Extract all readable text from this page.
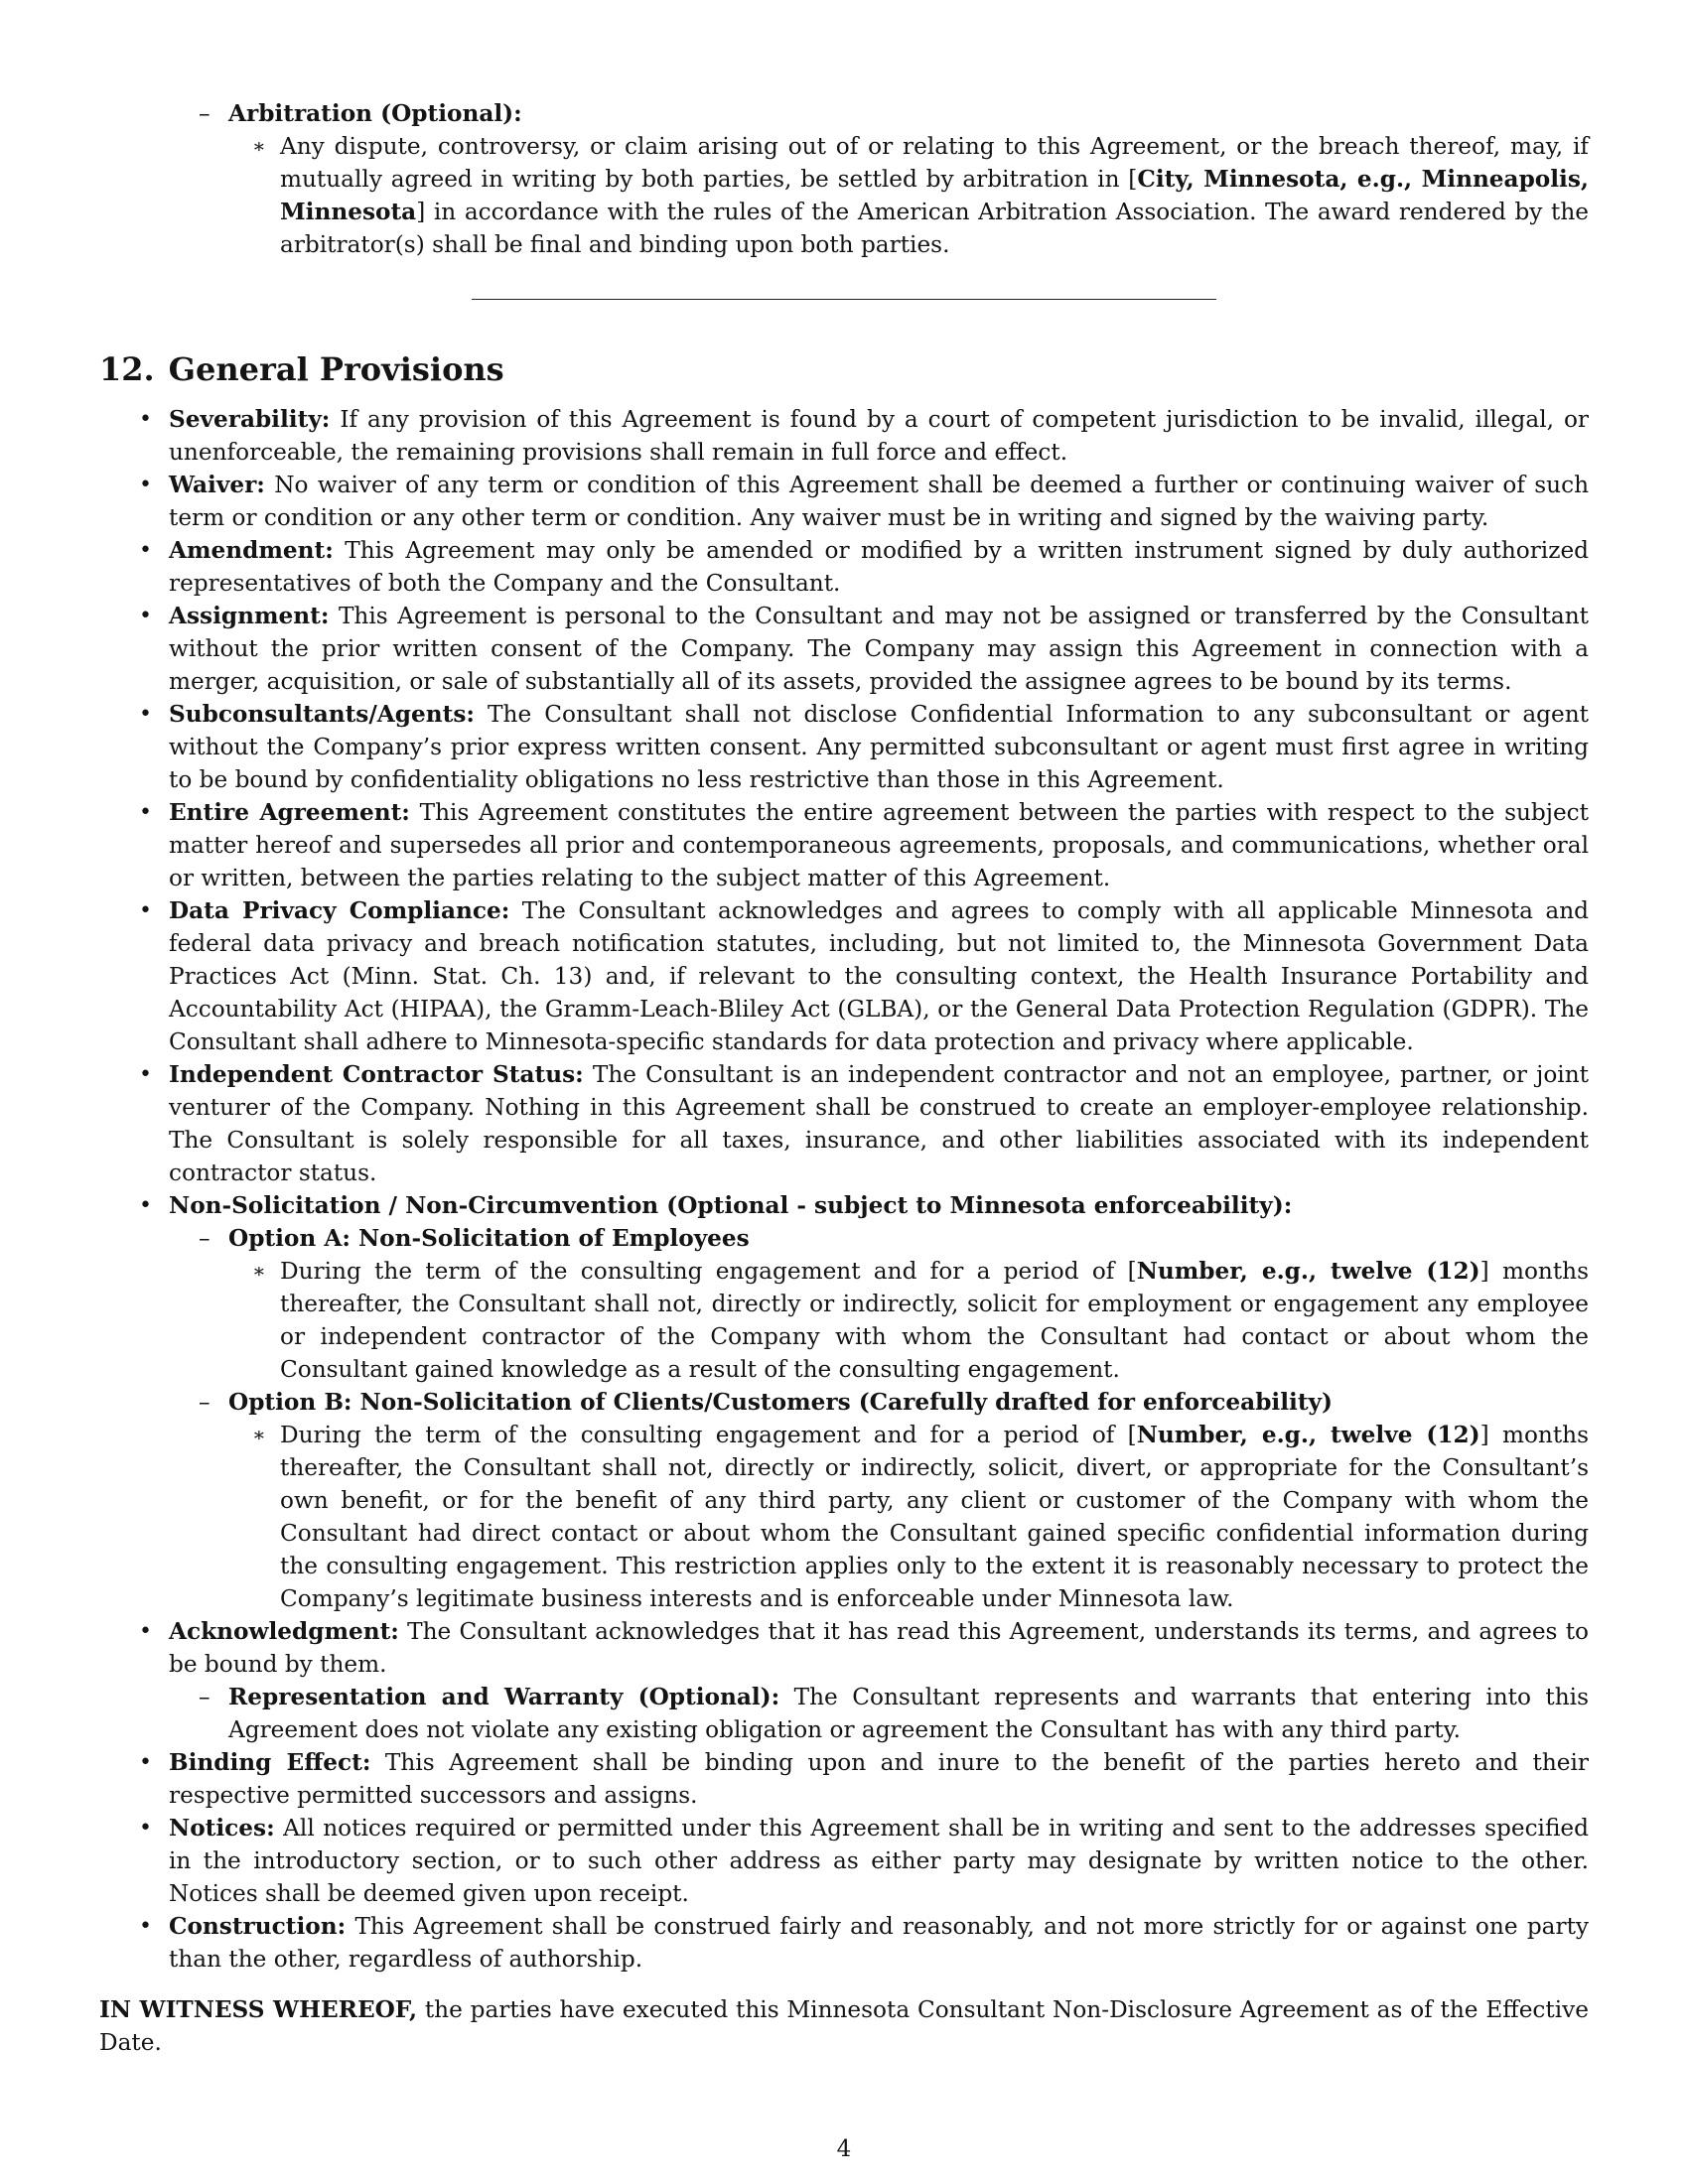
– Arbitration (Optional):
∗ Any dispute, controversy, or claim arising out of or relating to this Agreement, or the breach thereof, may, if mutually agreed in writing by both parties, be settled by arbitration in [City, Minnesota, e.g., Minneapolis, Minnesota] in accordance with the rules of the American Arbitration Association. The award rendered by the arbitrator(s) shall be final and binding upon both parties.
12. General Provisions
• Severability: If any provision of this Agreement is found by a court of competent jurisdiction to be invalid, illegal, or unenforceable, the remaining provisions shall remain in full force and effect.
• Waiver: No waiver of any term or condition of this Agreement shall be deemed a further or continuing waiver of such term or condition or any other term or condition. Any waiver must be in writing and signed by the waiving party.
• Amendment: This Agreement may only be amended or modified by a written instrument signed by duly authorized representatives of both the Company and the Consultant.
• Assignment: This Agreement is personal to the Consultant and may not be assigned or transferred by the Consultant without the prior written consent of the Company. The Company may assign this Agreement in connection with a merger, acquisition, or sale of substantially all of its assets, provided the assignee agrees to be bound by its terms.
• Subconsultants/Agents: The Consultant shall not disclose Confidential Information to any subconsultant or agent without the Company’s prior express written consent. Any permitted subconsultant or agent must first agree in writing to be bound by confidentiality obligations no less restrictive than those in this Agreement.
• Entire Agreement: This Agreement constitutes the entire agreement between the parties with respect to the subject matter hereof and supersedes all prior and contemporaneous agreements, proposals, and communications, whether oral or written, between the parties relating to the subject matter of this Agreement.
• Data Privacy Compliance: The Consultant acknowledges and agrees to comply with all applicable Minnesota and federal data privacy and breach notification statutes, including, but not limited to, the Minnesota Government Data Practices Act (Minn. Stat. Ch. 13) and, if relevant to the consulting context, the Health Insurance Portability and Accountability Act (HIPAA), the Gramm-Leach-Bliley Act (GLBA), or the General Data Protection Regulation (GDPR). The Consultant shall adhere to Minnesota-specific standards for data protection and privacy where applicable.
• Independent Contractor Status: The Consultant is an independent contractor and not an employee, partner, or joint venturer of the Company. Nothing in this Agreement shall be construed to create an employer-employee relationship. The Consultant is solely responsible for all taxes, insurance, and other liabilities associated with its independent contractor status.
• Non-Solicitation / Non-Circumvention (Optional - subject to Minnesota enforceability):
– Option A: Non-Solicitation of Employees
∗ During the term of the consulting engagement and for a period of [Number, e.g., twelve (12)] months thereafter, the Consultant shall not, directly or indirectly, solicit for employment or engagement any employee or independent contractor of the Company with whom the Consultant had contact or about whom the Consultant gained knowledge as a result of the consulting engagement.
– Option B: Non-Solicitation of Clients/Customers (Carefully drafted for enforceability)
∗ During the term of the consulting engagement and for a period of [Number, e.g., twelve (12)] months thereafter, the Consultant shall not, directly or indirectly, solicit, divert, or appropriate for the Consultant’s own benefit, or for the benefit of any third party, any client or customer of the Company with whom the Consultant had direct contact or about whom the Consultant gained specific confidential information during the consulting engagement. This restriction applies only to the extent it is reasonably necessary to protect the Company’s legitimate business interests and is enforceable under Minnesota law.
• Acknowledgment: The Consultant acknowledges that it has read this Agreement, understands its terms, and agrees to be bound by them.
– Representation and Warranty (Optional): The Consultant represents and warrants that entering into this Agreement does not violate any existing obligation or agreement the Consultant has with any third party.
• Binding Effect: This Agreement shall be binding upon and inure to the benefit of the parties hereto and their respective permitted successors and assigns.
• Notices: All notices required or permitted under this Agreement shall be in writing and sent to the addresses specified in the introductory section, or to such other address as either party may designate by written notice to the other. Notices shall be deemed given upon receipt.
• Construction: This Agreement shall be construed fairly and reasonably, and not more strictly for or against one party than the other, regardless of authorship.

IN WITNESS WHEREOF, the parties have executed this Minnesota Consultant Non-Disclosure Agreement as of the Effective Date.

4
